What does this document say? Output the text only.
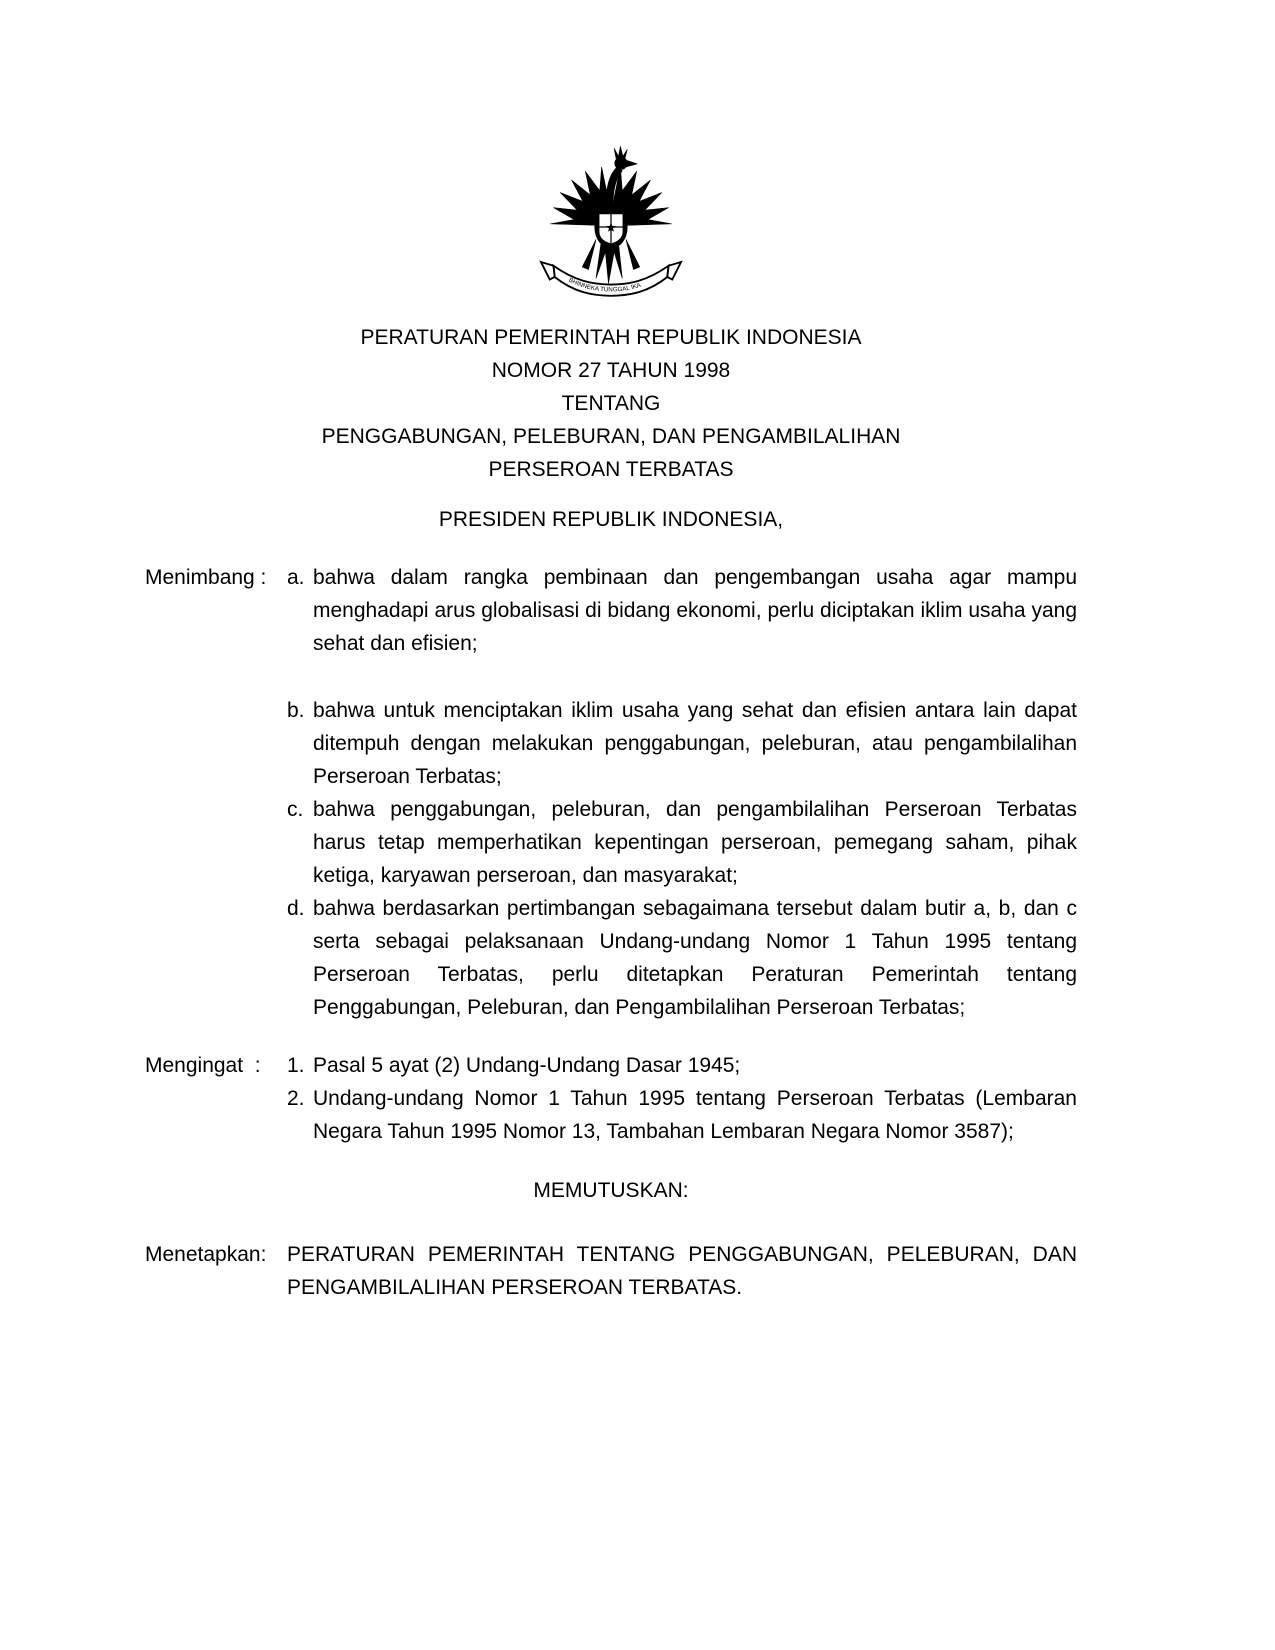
BHINNEKA TUNGGAL IKA
PERATURAN PEMERINTAH REPUBLIK INDONESIA
NOMOR 27 TAHUN 1998
TENTANG
PENGGABUNGAN, PELEBURAN, DAN PENGAMBILALIHAN
PERSEROAN TERBATAS
PRESIDEN REPUBLIK INDONESIA,
Menimbang : a. bahwa dalam rangka pembinaan dan pengembangan usaha agar mampu menghadapi arus globalisasi di bidang ekonomi, perlu diciptakan iklim usaha yang sehat dan efisien;
b. bahwa untuk menciptakan iklim usaha yang sehat dan efisien antara lain dapat ditempuh dengan melakukan penggabungan, peleburan, atau pengambilalihan Perseroan Terbatas;
c. bahwa penggabungan, peleburan, dan pengambilalihan Perseroan Terbatas harus tetap memperhatikan kepentingan perseroan, pemegang saham, pihak ketiga, karyawan perseroan, dan masyarakat;
d. bahwa berdasarkan pertimbangan sebagaimana tersebut dalam butir a, b, dan c serta sebagai pelaksanaan Undang-undang Nomor 1 Tahun 1995 tentang Perseroan Terbatas, perlu ditetapkan Peraturan Pemerintah tentang Penggabungan, Peleburan, dan Pengambilalihan Perseroan Terbatas;
Mengingat  : 1. Pasal 5 ayat (2) Undang-Undang Dasar 1945;
2. Undang-undang Nomor 1 Tahun 1995 tentang Perseroan Terbatas (Lembaran Negara Tahun 1995 Nomor 13, Tambahan Lembaran Negara Nomor 3587);
MEMUTUSKAN:
Menetapkan: PERATURAN PEMERINTAH TENTANG PENGGABUNGAN, PELEBURAN, DAN PENGAMBILALIHAN PERSEROAN TERBATAS.
